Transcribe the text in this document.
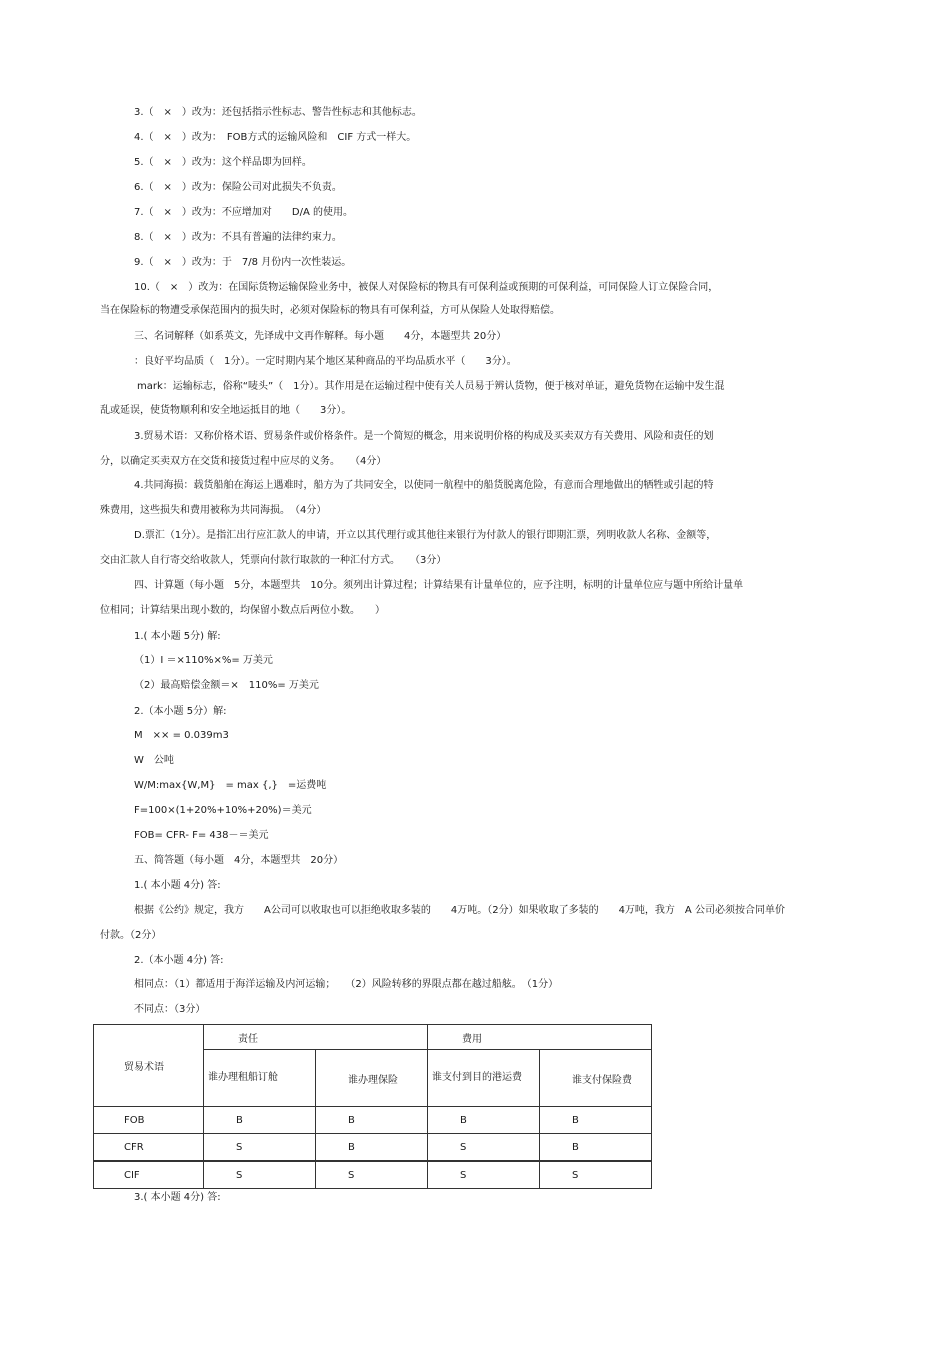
3.（　×　）改为：还包括指示性标志、警告性标志和其他标志。
4.（　×　）改为：　FOB方式的运输风险和　CIF 方式一样大。
5.（　×　）改为：这个样品即为回样。
6.（　×　）改为：保险公司对此损失不负责。
7.（　×　）改为：不应增加对　　D/A 的使用。
8.（　×　）改为：不具有普遍的法律约束力。
9.（　×　）改为：于　7/8 月份内一次性装运。
10.（　×　）改为：在国际货物运输保险业务中，被保人对保险标的物具有可保利益或预期的可保利益，可同保险人订立保险合同，
当在保险标的物遭受承保范围内的损失时，必须对保险标的物具有可保利益，方可从保险人处取得赔偿。
三、名词解释（如系英文，先译成中文再作解释。每小题　　4分，本题型共 20分）
：良好平均品质（　1分）。一定时期内某个地区某种商品的平均品质水平（　　3分）。
mark：运输标志，俗称“唛头”（　1分）。其作用是在运输过程中使有关人员易于辨认货物，便于核对单证，避免货物在运输中发生混
乱或延误，使货物顺利和安全地运抵目的地（　　3分）。
3.贸易术语：又称价格术语、贸易条件或价格条件。是一个简短的概念，用来说明价格的构成及买卖双方有关费用、风险和责任的划
分，以确定买卖双方在交货和接货过程中应尽的义务。　　（4分）
4.共同海损：载货船舶在海运上遇难时，船方为了共同安全，以使同一航程中的船货脱离危险，有意而合理地做出的牺牲或引起的特
殊费用，这些损失和费用被称为共同海损。　（4分）
D.票汇（1分）。是指汇出行应汇款人的申请，开立以其代理行或其他往来银行为付款人的银行即期汇票，列明收款人名称、金额等，
交由汇款人自行寄交给收款人，凭票向付款行取款的一种汇付方式。　　（3分）
四、计算题（每小题　5分，本题型共　10分。须列出计算过程；计算结果有计量单位的，应予注明，标明的计量单位应与题中所给计量单
位相同；计算结果出现小数的，均保留小数点后两位小数。　　）
1.( 本小题 5分) 解:
（1）I ＝×110%×%= 万美元
（2）最高赔偿金额＝×　110%= 万美元
2.（本小题 5分）解:
M　×× = 0.039m3
W　公吨
W/M:max{W,M}　= max {,}　=运费吨
F=100×(1+20%+10%+20%)＝美元
FOB= CFR- F= 438－＝美元
五、简答题（每小题　4分，本题型共　20分）
1.( 本小题 4分) 答:
根据《公约》规定，我方　　A公司可以收取也可以拒绝收取多装的　　4万吨。（2分）如果收取了多装的　　4万吨，我方　A 公司必须按合同单价
付款。（2分）
2.（本小题 4分) 答:
相同点：（1）都适用于海洋运输及内河运输；　　（2）风险转移的界限点都在越过船舷。　（1分）
不同点：（3分）
贸易术语	责任		费用	
	谁办理租船订舱	谁办理保险	谁支付到目的港运费	谁支付保险费
FOB	B	B	B	B
CFR	S	B	S	B
CIF	S	S	S	S
3.( 本小题 4分) 答:
